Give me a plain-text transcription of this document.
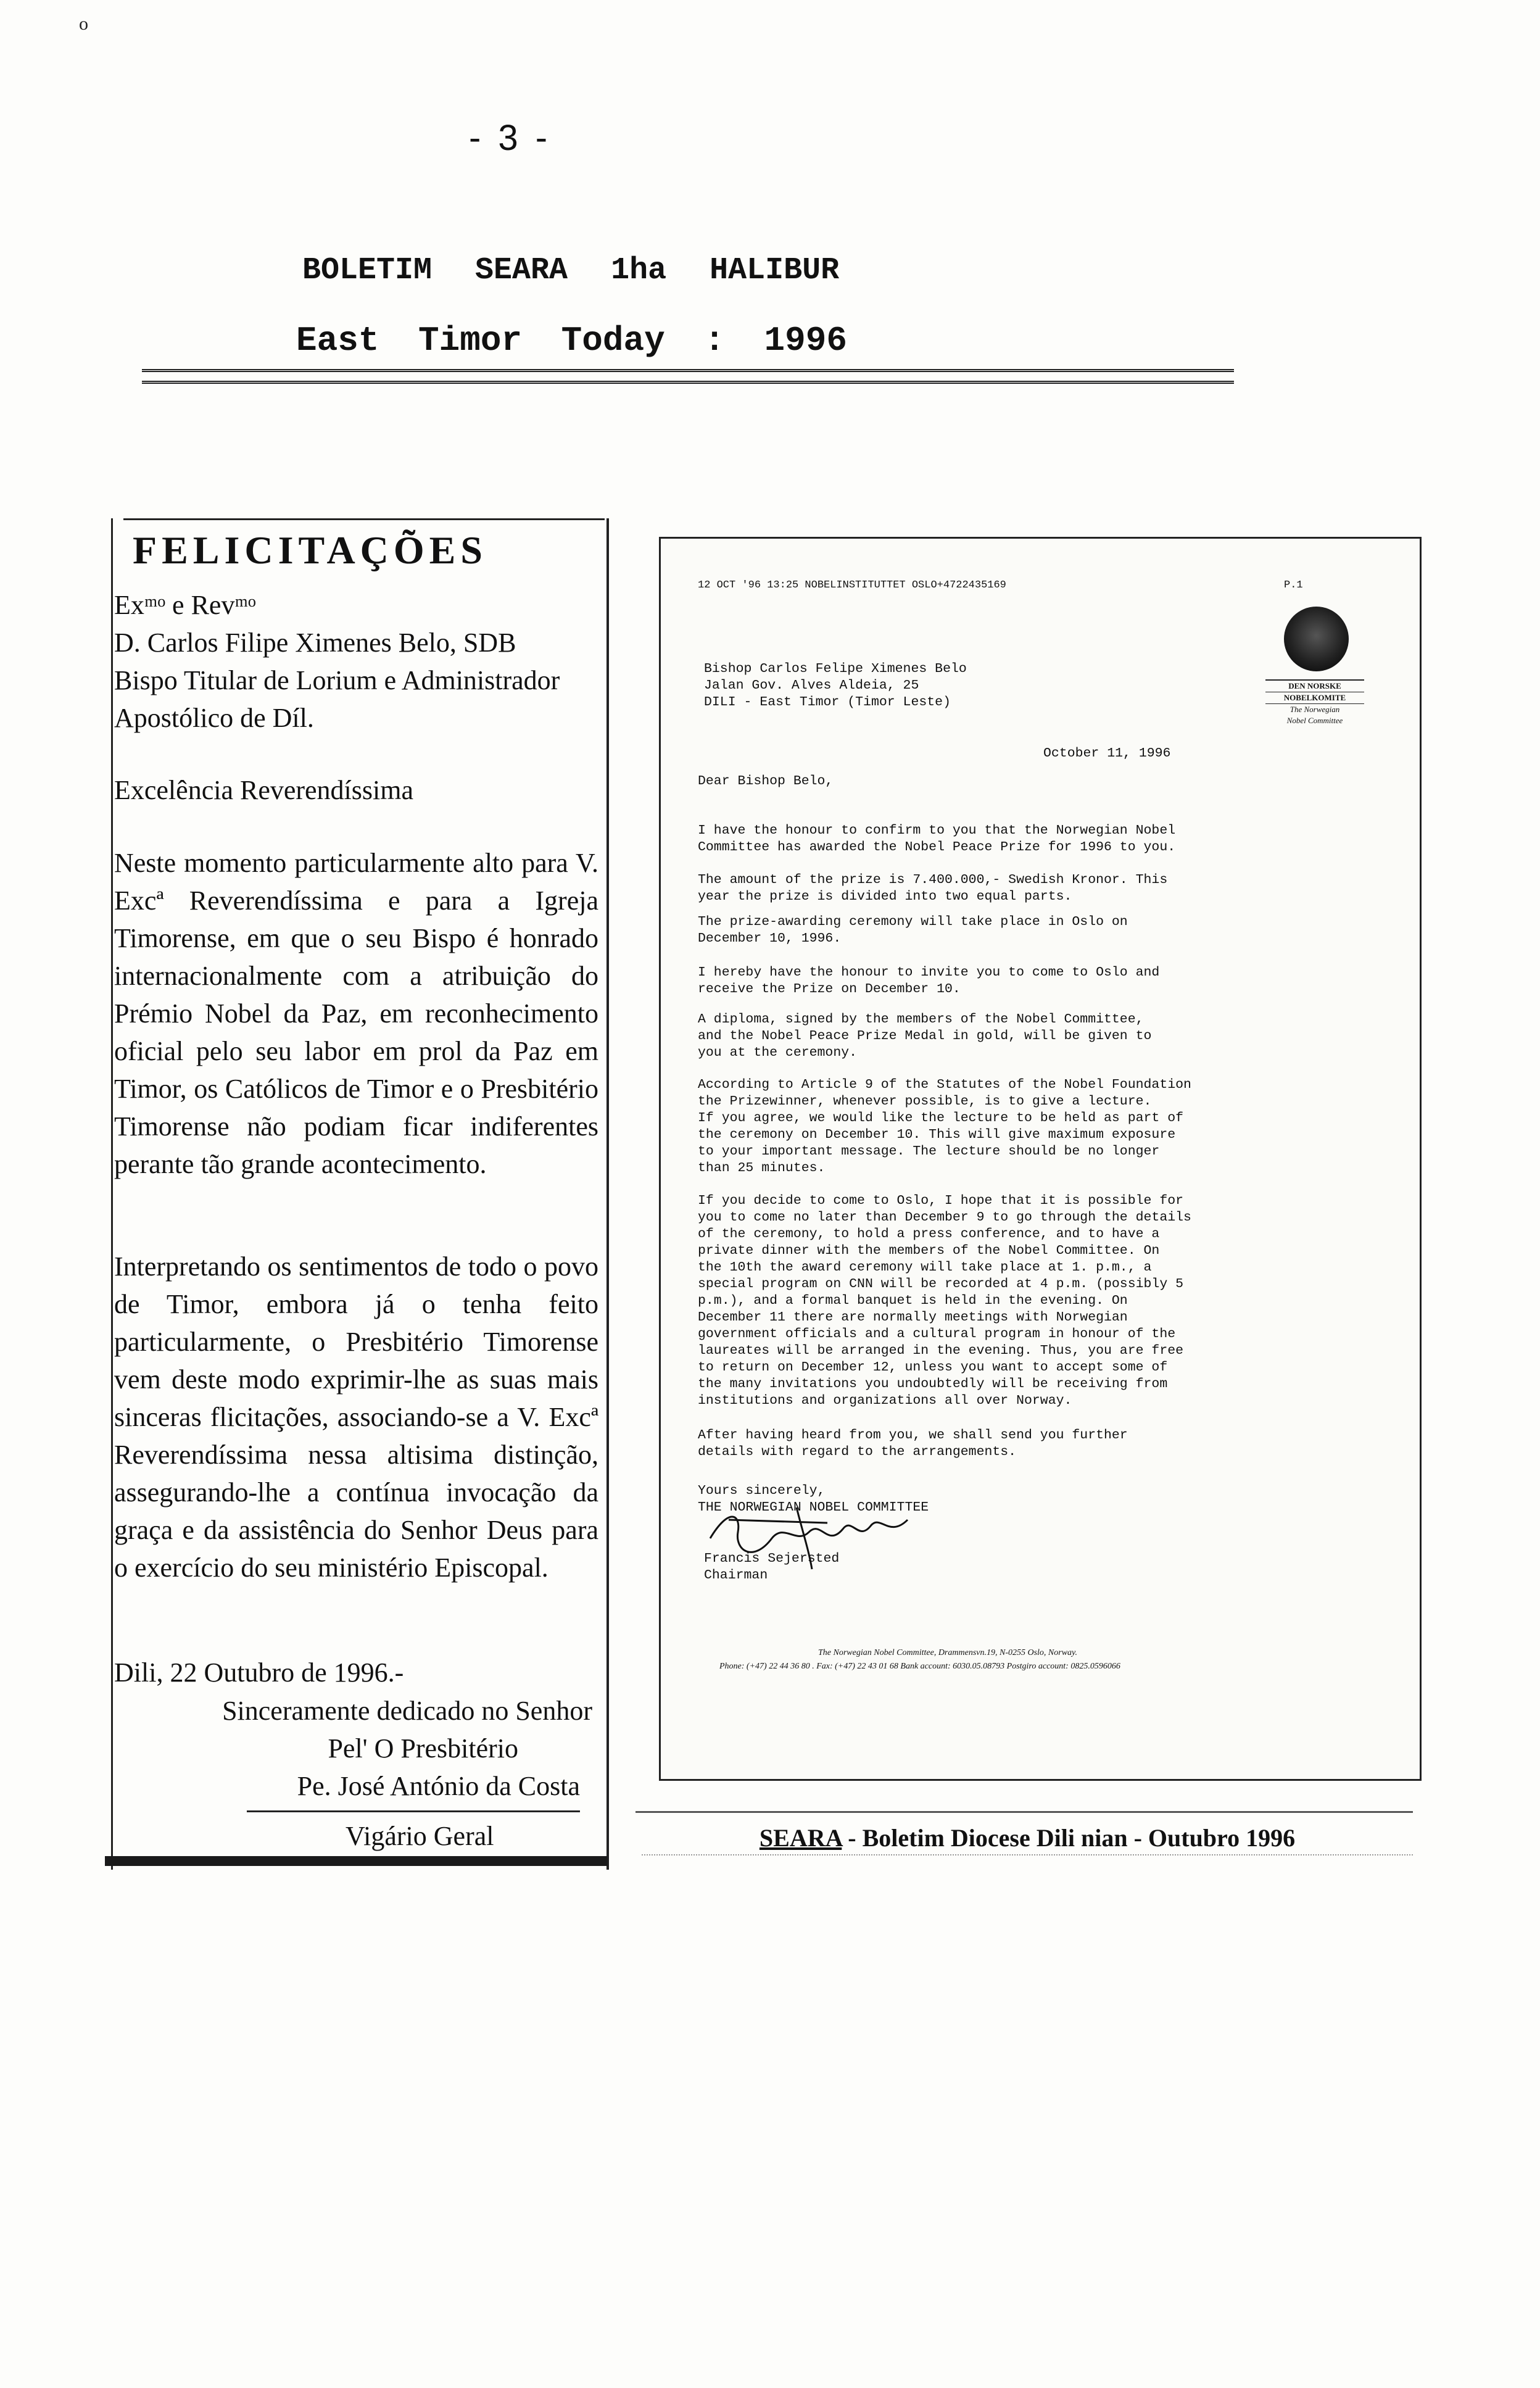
o
- 3 -
BOLETIM SEARA 1ha HALIBUR
East Timor Today : 1996
FELICITAÇÕES
Exᵐᵒ e Revᵐᵒ
D. Carlos Filipe Ximenes Belo, SDB
Bispo Titular de Lorium e Administrador
Apostólico de Díl.
Excelência Reverendíssima
Neste momento particularmente alto para V. Excª Reverendíssima e para a Igreja Timorense, em que o seu Bispo é honrado internacionalmente com a atribuição do Prémio Nobel da Paz, em reconhecimento oficial pelo seu labor em prol da Paz em Timor, os Católicos de Timor e o Presbitério Timorense não podiam ficar indiferentes perante tão grande acontecimento.
Interpretando os sentimentos de todo o povo de Timor, embora já o tenha feito particularmente, o Presbitério Timorense vem deste modo exprimir-lhe as suas mais sinceras flicitações, associando-se a V. Excª Reverendíssima nessa altisima distinção, assegurando-lhe a contínua invocação da graça e da assistência do Senhor Deus para o exercício do seu ministério Episcopal.
Dili, 22 Outubro de 1996.-
Sinceramente dedicado no Senhor
Pel' O Presbitério
Pe. José António da Costa
Vigário Geral
12 OCT '96 13:25 NOBELINSTITUTTET OSLO+4722435169	P.1
DEN NORSKE
NOBELKOMITE
The Norwegian
Nobel Committee
Bishop Carlos Felipe Ximenes Belo
Jalan Gov. Alves Aldeia, 25
DILI - East Timor (Timor Leste)
October 11, 1996
Dear Bishop Belo,
I have the honour to confirm to you that the Norwegian Nobel
Committee has awarded the Nobel Peace Prize for 1996 to you.
The amount of the prize is 7.400.000,- Swedish Kronor. This
year the prize is divided into two equal parts.
The prize-awarding ceremony will take place in Oslo on
December 10, 1996.
I hereby have the honour to invite you to come to Oslo and
receive the Prize on December 10.
A diploma, signed by the members of the Nobel Committee,
and the Nobel Peace Prize Medal in gold, will be given to
you at the ceremony.
According to Article 9 of the Statutes of the Nobel Foundation
the Prizewinner, whenever possible, is to give a lecture.
If you agree, we would like the lecture to be held as part of
the ceremony on December 10. This will give maximum exposure
to your important message. The lecture should be no longer
than 25 minutes.
If you decide to come to Oslo, I hope that it is possible for
you to come no later than December 9 to go through the details
of the ceremony, to hold a press conference, and to have a
private dinner with the members of the Nobel Committee. On
the 10th the award ceremony will take place at 1. p.m., a
special program on CNN will be recorded at 4 p.m. (possibly 5
p.m.), and a formal banquet is held in the evening. On
December 11 there are normally meetings with Norwegian
government officials and a cultural program in honour of the
laureates will be arranged in the evening. Thus, you are free
to return on December 12, unless you want to accept some of
the many invitations you undoubtedly will be receiving from
institutions and organizations all over Norway.
After having heard from you, we shall send you further
details with regard to the arrangements.
Yours sincerely,
THE NORWEGIAN NOBEL COMMITTEE
Francis Sejersted
Chairman
The Norwegian Nobel Committee, Drammensvn.19, N-0255 Oslo, Norway.
Phone: (+47) 22 44 36 80 . Fax: (+47) 22 43 01 68 Bank account: 6030.05.08793 Postgiro account: 0825.0596066
SEARA - Boletim Diocese Dili nian - Outubro 1996
